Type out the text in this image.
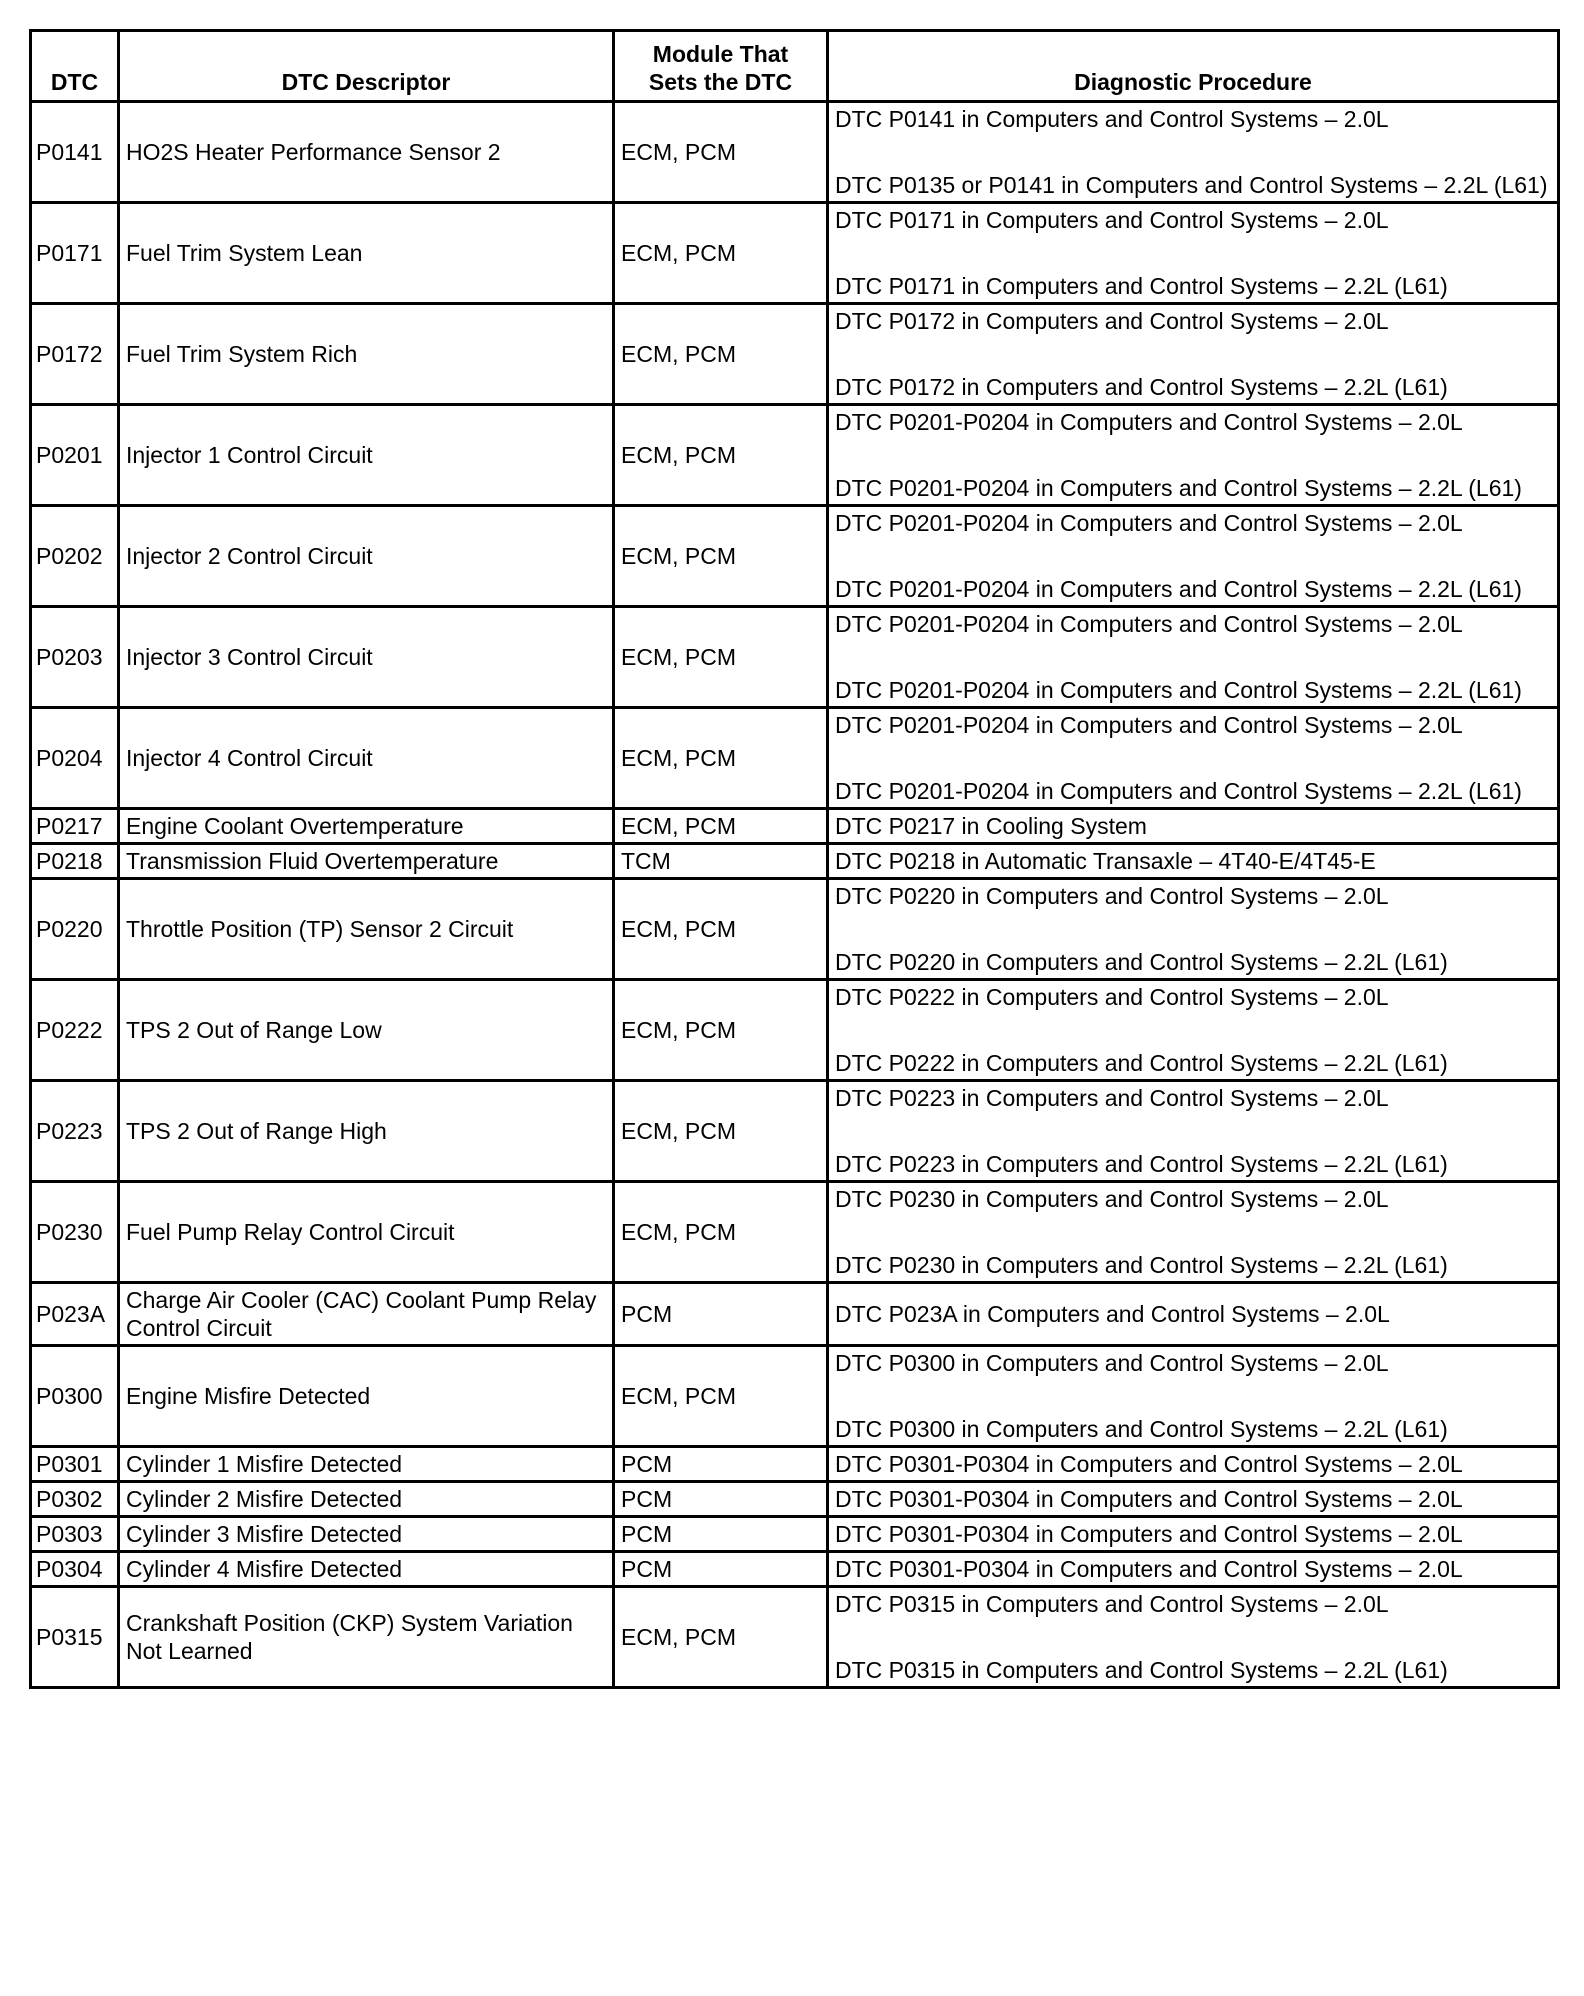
DTC	DTC Descriptor	Module That
Sets the DTC	Diagnostic Procedure
P0141	HO2S Heater Performance Sensor 2	ECM, PCM	DTC P0141 in Computers and Control Systems – 2.0L
DTC P0135 or P0141 in Computers and Control Systems – 2.2L (L61)

P0171	Fuel Trim System Lean	ECM, PCM	DTC P0171 in Computers and Control Systems – 2.0L
DTC P0171 in Computers and Control Systems – 2.2L (L61)

P0172	Fuel Trim System Rich	ECM, PCM	DTC P0172 in Computers and Control Systems – 2.0L
DTC P0172 in Computers and Control Systems – 2.2L (L61)

P0201	Injector 1 Control Circuit	ECM, PCM	DTC P0201-P0204 in Computers and Control Systems – 2.0L
DTC P0201-P0204 in Computers and Control Systems – 2.2L (L61)

P0202	Injector 2 Control Circuit	ECM, PCM	DTC P0201-P0204 in Computers and Control Systems – 2.0L
DTC P0201-P0204 in Computers and Control Systems – 2.2L (L61)

P0203	Injector 3 Control Circuit	ECM, PCM	DTC P0201-P0204 in Computers and Control Systems – 2.0L
DTC P0201-P0204 in Computers and Control Systems – 2.2L (L61)

P0204	Injector 4 Control Circuit	ECM, PCM	DTC P0201-P0204 in Computers and Control Systems – 2.0L
DTC P0201-P0204 in Computers and Control Systems – 2.2L (L61)

P0217	Engine Coolant Overtemperature	ECM, PCM	DTC P0217 in Cooling System

P0218	Transmission Fluid Overtemperature	TCM	DTC P0218 in Automatic Transaxle – 4T40-E/4T45-E

P0220	Throttle Position (TP) Sensor 2 Circuit	ECM, PCM	DTC P0220 in Computers and Control Systems – 2.0L
DTC P0220 in Computers and Control Systems – 2.2L (L61)

P0222	TPS 2 Out of Range Low	ECM, PCM	DTC P0222 in Computers and Control Systems – 2.0L
DTC P0222 in Computers and Control Systems – 2.2L (L61)

P0223	TPS 2 Out of Range High	ECM, PCM	DTC P0223 in Computers and Control Systems – 2.0L
DTC P0223 in Computers and Control Systems – 2.2L (L61)

P0230	Fuel Pump Relay Control Circuit	ECM, PCM	DTC P0230 in Computers and Control Systems – 2.0L
DTC P0230 in Computers and Control Systems – 2.2L (L61)

P023A	Charge Air Cooler (CAC) Coolant Pump Relay Control Circuit	PCM	DTC P023A in Computers and Control Systems – 2.0L

P0300	Engine Misfire Detected	ECM, PCM	DTC P0300 in Computers and Control Systems – 2.0L
DTC P0300 in Computers and Control Systems – 2.2L (L61)

P0301	Cylinder 1 Misfire Detected	PCM	DTC P0301-P0304 in Computers and Control Systems – 2.0L

P0302	Cylinder 2 Misfire Detected	PCM	DTC P0301-P0304 in Computers and Control Systems – 2.0L

P0303	Cylinder 3 Misfire Detected	PCM	DTC P0301-P0304 in Computers and Control Systems – 2.0L

P0304	Cylinder 4 Misfire Detected	PCM	DTC P0301-P0304 in Computers and Control Systems – 2.0L

P0315	Crankshaft Position (CKP) System Variation Not Learned	ECM, PCM	DTC P0315 in Computers and Control Systems – 2.0L
DTC P0315 in Computers and Control Systems – 2.2L (L61)
